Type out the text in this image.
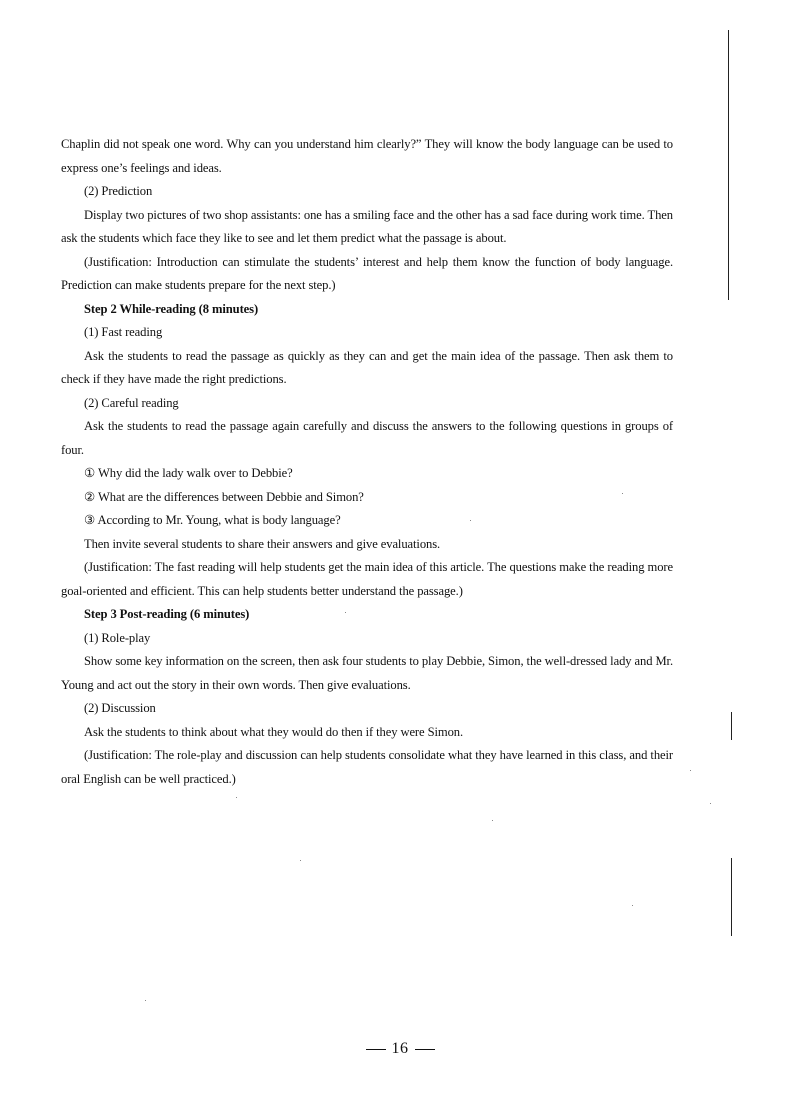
Chaplin did not speak one word. Why can you understand him clearly?” They will know the body language can be used to express one’s feelings and ideas.

(2) Prediction

Display two pictures of two shop assistants: one has a smiling face and the other has a sad face during work time. Then ask the students which face they like to see and let them predict what the passage is about.

(Justification: Introduction can stimulate the students’ interest and help them know the function of body language. Prediction can make students prepare for the next step.)

Step 2 While-reading (8 minutes)

(1) Fast reading

Ask the students to read the passage as quickly as they can and get the main idea of the passage. Then ask them to check if they have made the right predictions.

(2) Careful reading

Ask the students to read the passage again carefully and discuss the answers to the following questions in groups of four.

① Why did the lady walk over to Debbie?

② What are the differences between Debbie and Simon?

③ According to Mr. Young, what is body language?

Then invite several students to share their answers and give evaluations.

(Justification: The fast reading will help students get the main idea of this article. The questions make the reading more goal-oriented and efficient. This can help students better understand the passage.)

Step 3 Post-reading (6 minutes)

(1) Role-play

Show some key information on the screen, then ask four students to play Debbie, Simon, the well-dressed lady and Mr. Young and act out the story in their own words. Then give evaluations.

(2) Discussion

Ask the students to think about what they would do then if they were Simon.

(Justification: The role-play and discussion can help students consolidate what they have learned in this class, and their oral English can be well practiced.)

16
